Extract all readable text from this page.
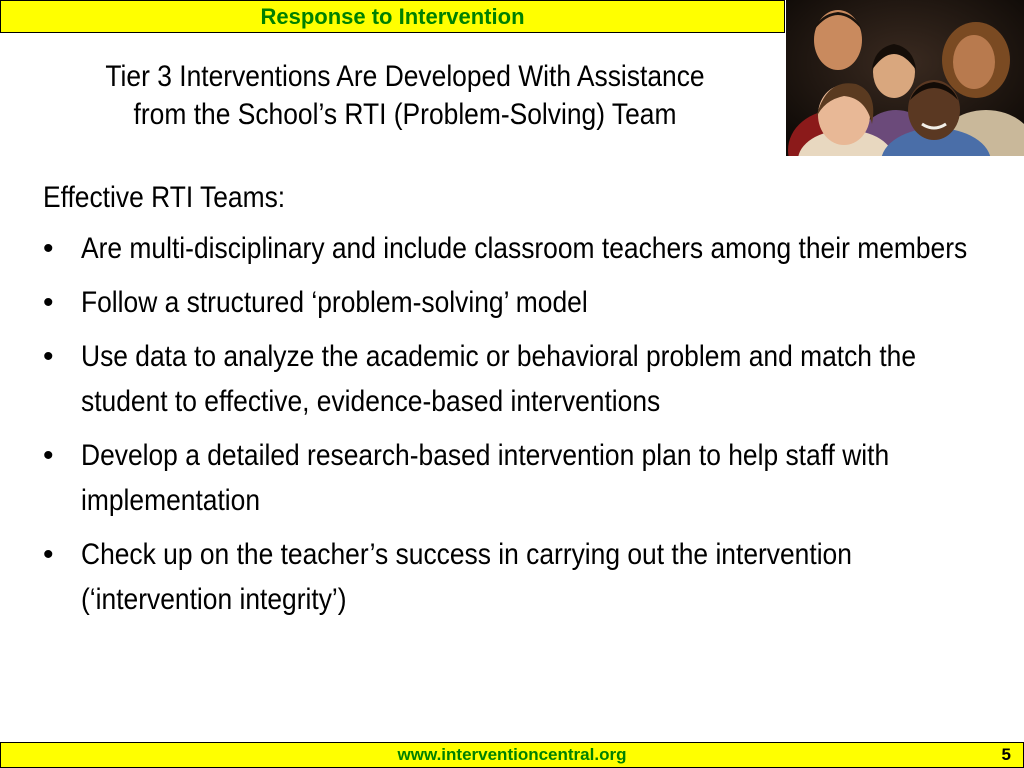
Response to Intervention
Tier 3 Interventions Are Developed With Assistance
from the School’s RTI (Problem-Solving) Team
Effective RTI Teams:
• Are multi-disciplinary and include classroom teachers among their members
• Follow a structured ‘problem-solving’ model
• Use data to analyze the academic or behavioral problem and match the student to effective, evidence-based interventions
• Develop a detailed research-based intervention plan to help staff with implementation
• Check up on the teacher’s success in carrying out the intervention (‘intervention integrity’)
www.interventioncentral.org	5
